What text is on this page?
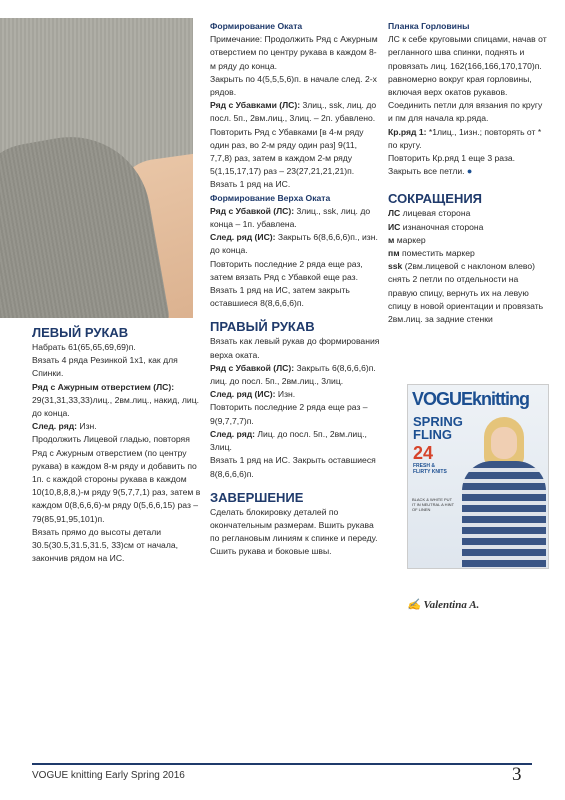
ЛЕВЫЙ РУКАВ

Набрать 61(65,65,69,69)п.

Вязать 4 ряда Резинкой 1х1, как для Спинки.

Ряд с Ажурным отверстием (ЛС):

29(31,31,33,33)лиц., 2вм.лиц., накид, лиц. до конца.

След. ряд: Изн.

Продолжить Лицевой гладью, повторяя Ряд с Ажурным отверстием (по центру рукава) в каждом 8-м ряду и добавить по 1п. с каждой стороны рукава в каждом 10(10,8,8,8,)-м ряду 9(5,7,7,1) раз, затем в каждом 0(8,6,6,6)-м ряду 0(5,6,6,15) раз – 79(85,91,95,101)п.

Вязать прямо до высоты детали 30.5(30.5,31.5,31.5, 33)см от начала, закончив рядом на ИС.

Формирование Оката

Примечание: Продолжить Ряд с Ажурным отверстием по центру рукава в каждом 8-м ряду до конца.

Закрыть по 4(5,5,5,6)п. в начале след. 2-х рядов.

Ряд с Убавками (ЛС): 3лиц., ssk, лиц. до посл. 5п., 2вм.лиц., 3лиц. – 2п. убавлено.

Повторить Ряд с Убавками [в 4-м ряду один раз, во 2-м ряду один раз] 9(11, 7,7,8) раз, затем в каждом 2-м ряду 5(1,15,17,17) раз – 23(27,21,21,21)п.

Вязать 1 ряд на ИС.

Формирование Верха Оката

Ряд с Убавкой (ЛС): 3лиц., ssk, лиц. до конца – 1п. убавлена.

След. ряд (ИС): Закрыть 6(8,6,6,6)п., изн. до конца.

Повторить последние 2 ряда еще раз, затем вязать Ряд с Убавкой еще раз.

Вязать 1 ряд на ИС, затем закрыть оставшиеся 8(8,6,6,6)п.

ПРАВЫЙ РУКАВ

Вязать как левый рукав до формирования верха оката.

Ряд с Убавкой (ЛС): Закрыть 6(8,6,6,6)п. лиц. до посл. 5п., 2вм.лиц., 3лиц.

След. ряд (ИС): Изн.

Повторить последние 2 ряда еще раз – 9(9,7,7,7)п.

След. ряд: Лиц. до посл. 5п., 2вм.лиц., 3лиц.

Вязать 1 ряд на ИС. Закрыть оставшиеся 8(8,6,6,6)п.

ЗАВЕРШЕНИЕ

Сделать блокировку деталей по окончательным размерам. Вшить рукава по реглановым линиям к спинке и переду. Сшить рукава и боковые швы.

Планка Горловины

ЛС к себе круговыми спицами, начав от регланного шва спинки, поднять и провязать лиц. 162(166,166,170,170)п. равномерно вокруг края горловины, включая верх окатов рукавов.

Соединить петли для вязания по кругу и пм для начала кр.ряда.

Кр.ряд 1: *1лиц., 1изн.; повторять от * по кругу.

Повторить Кр.ряд 1 еще 3 раза.

Закрыть все петли. ●

СОКРАЩЕНИЯ

ЛС лицевая сторона

ИС изнаночная сторона

м маркер

пм поместить маркер

ssk (2вм.лицевой с наклоном влево) снять 2 петли по отдельности на правую спицу, вернуть их на левую спицу в новой ориентации и провязать 2вм.лиц. за задние стенки

VOGUEknitting
SPRING FLING
24
FRESH & FLIRTY KNITS
BLACK & WHITE PUT IT IN NEUTRAL A HINT OF LINEN
✍ Valentina A.
VOGUE knitting Early Spring 2016	3
